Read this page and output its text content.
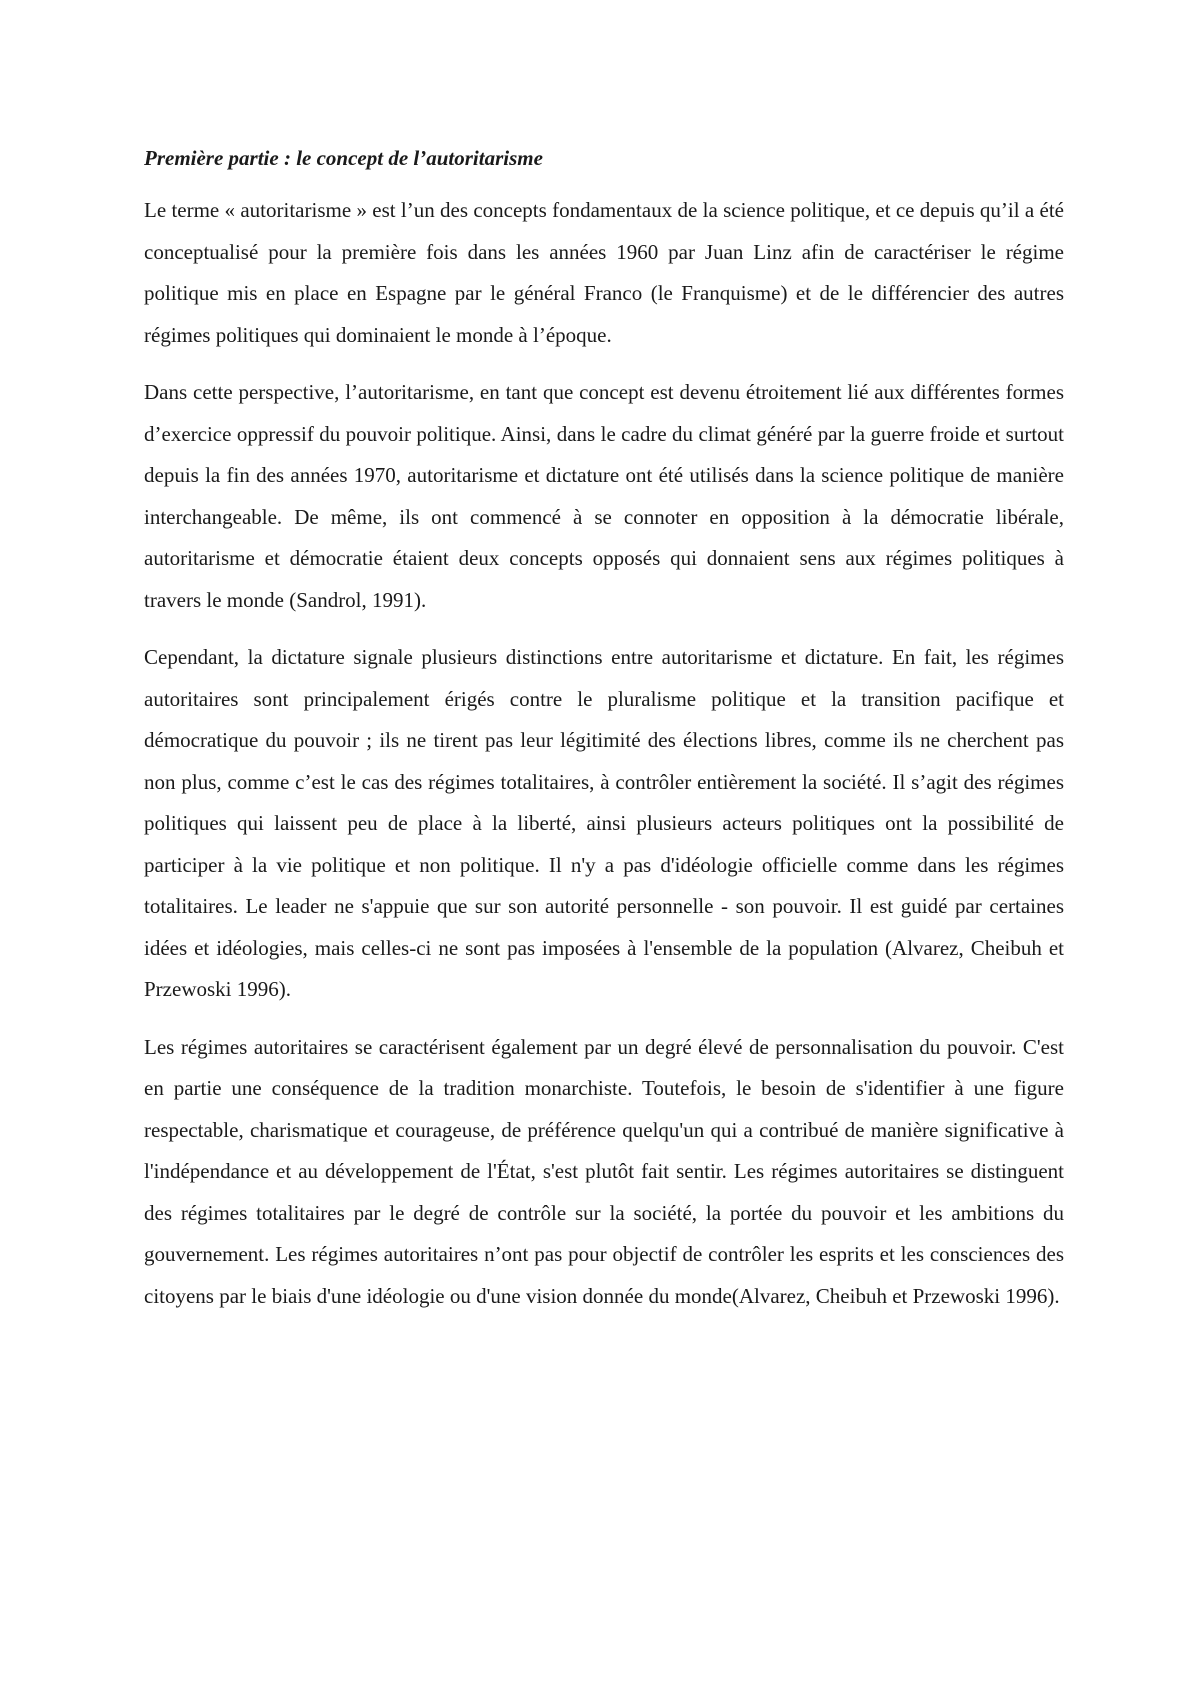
Première partie : le concept de l’autoritarisme

Le terme « autoritarisme » est l’un des concepts fondamentaux de la science politique, et ce depuis qu’il a été conceptualisé pour la première fois dans les années 1960 par Juan Linz afin de caractériser le régime politique mis en place en Espagne par le général Franco (le Franquisme) et de le différencier des autres régimes politiques qui dominaient le monde à l’époque.

Dans cette perspective, l’autoritarisme, en tant que concept est devenu étroitement lié aux différentes formes d’exercice oppressif du pouvoir politique. Ainsi, dans le cadre du climat généré par la guerre froide et surtout depuis la fin des années 1970, autoritarisme et dictature ont été utilisés dans la science politique de manière interchangeable. De même, ils ont commencé à se connoter en opposition à la démocratie libérale, autoritarisme et démocratie étaient deux concepts opposés qui donnaient sens aux régimes politiques à travers le monde (Sandrol, 1991).

Cependant, la dictature signale plusieurs distinctions entre autoritarisme et dictature. En fait, les régimes autoritaires sont principalement érigés contre le pluralisme politique et la transition pacifique et démocratique du pouvoir ; ils ne tirent pas leur légitimité des élections libres, comme ils ne cherchent pas non plus, comme c’est le cas des régimes totalitaires, à contrôler entièrement la société. Il s’agit des régimes politiques qui laissent peu de place à la liberté, ainsi plusieurs acteurs politiques ont la possibilité de participer à la vie politique et non politique. Il n'y a pas d'idéologie officielle comme dans les régimes totalitaires. Le leader ne s'appuie que sur son autorité personnelle - son pouvoir. Il est guidé par certaines idées et idéologies, mais celles-ci ne sont pas imposées à l'ensemble de la population (Alvarez, Cheibuh et Przewoski 1996).

Les régimes autoritaires se caractérisent également par un degré élevé de personnalisation du pouvoir. C'est en partie une conséquence de la tradition monarchiste. Toutefois, le besoin de s'identifier à une figure respectable, charismatique et courageuse, de préférence quelqu'un qui a contribué de manière significative à l'indépendance et au développement de l'État, s'est plutôt fait sentir. Les régimes autoritaires se distinguent des régimes totalitaires par le degré de contrôle sur la société, la portée du pouvoir et les ambitions du gouvernement. Les régimes autoritaires n’ont pas pour objectif de contrôler les esprits et les consciences des citoyens par le biais d'une idéologie ou d'une vision donnée du monde(Alvarez, Cheibuh et Przewoski 1996).
